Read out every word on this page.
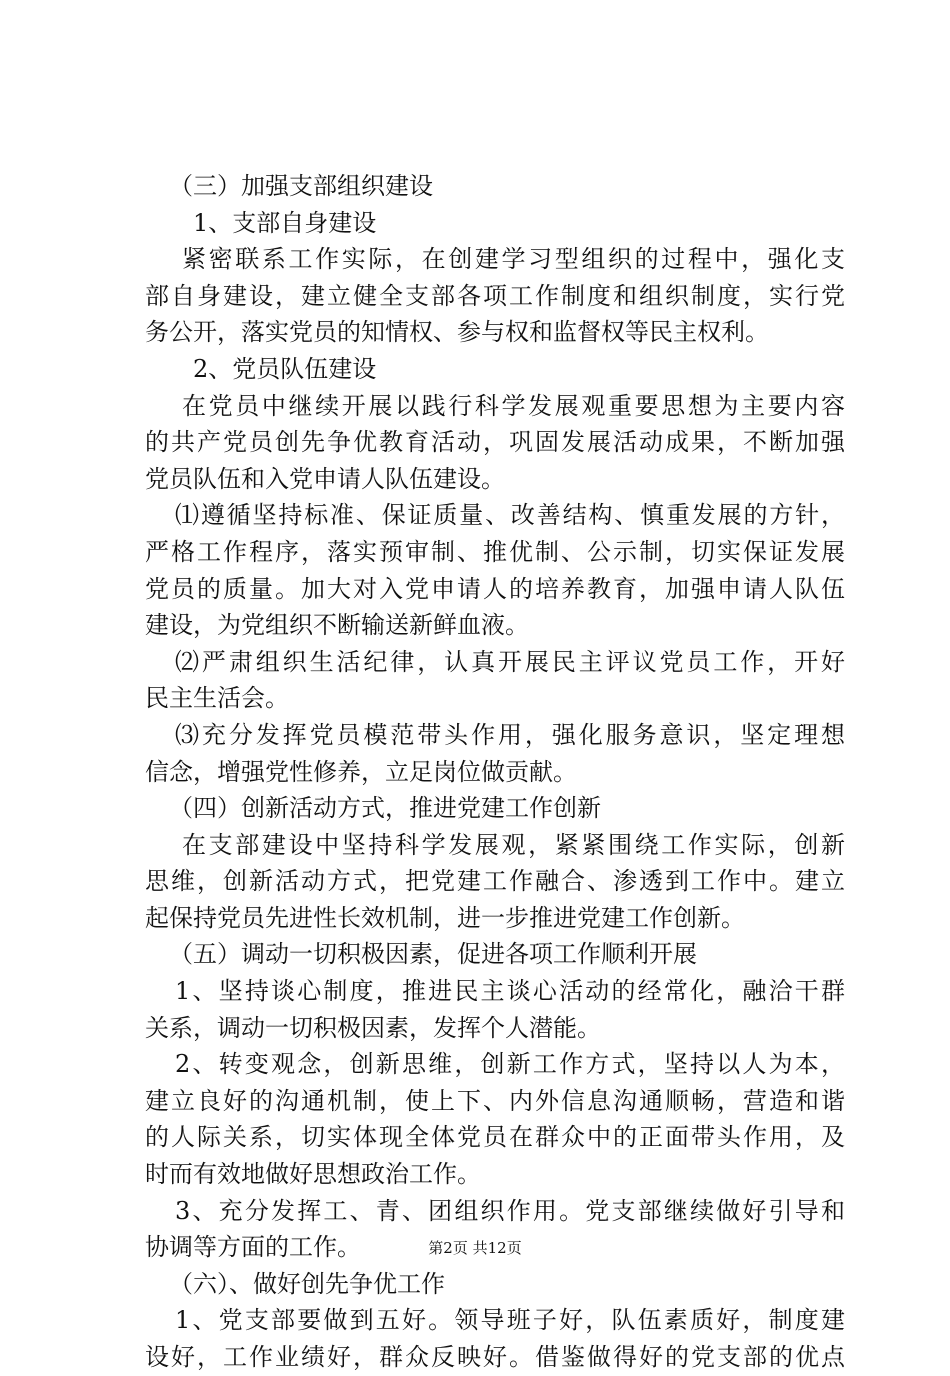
（三）加强支部组织建设
1、支部自身建设
紧密联系工作实际，在创建学习型组织的过程中，强化支
部自身建设，建立健全支部各项工作制度和组织制度，实行党
务公开，落实党员的知情权、参与权和监督权等民主权利。
2、党员队伍建设
在党员中继续开展以践行科学发展观重要思想为主要内容
的共产党员创先争优教育活动，巩固发展活动成果，不断加强
党员队伍和入党申请人队伍建设。
⑴遵循坚持标准、保证质量、改善结构、慎重发展的方针，
严格工作程序，落实预审制、推优制、公示制，切实保证发展
党员的质量。加大对入党申请人的培养教育，加强申请人队伍
建设，为党组织不断输送新鲜血液。
⑵严肃组织生活纪律，认真开展民主评议党员工作，开好
民主生活会。
⑶充分发挥党员模范带头作用，强化服务意识，坚定理想
信念，增强党性修养，立足岗位做贡献。
（四）创新活动方式，推进党建工作创新
在支部建设中坚持科学发展观，紧紧围绕工作实际，创新
思维，创新活动方式，把党建工作融合、渗透到工作中。建立
起保持党员先进性长效机制，进一步推进党建工作创新。
（五）调动一切积极因素，促进各项工作顺利开展
1、坚持谈心制度，推进民主谈心活动的经常化，融洽干群
关系，调动一切积极因素，发挥个人潜能。
2、转变观念，创新思维，创新工作方式，坚持以人为本，
建立良好的沟通机制，使上下、内外信息沟通顺畅，营造和谐
的人际关系，切实体现全体党员在群众中的正面带头作用，及
时而有效地做好思想政治工作。
3、充分发挥工、青、团组织作用。党支部继续做好引导和
协调等方面的工作。
（六）、做好创先争优工作
1、党支部要做到五好。领导班子好，队伍素质好，制度建
设好，工作业绩好，群众反映好。借鉴做得好的党支部的优点
第2页 共12页
